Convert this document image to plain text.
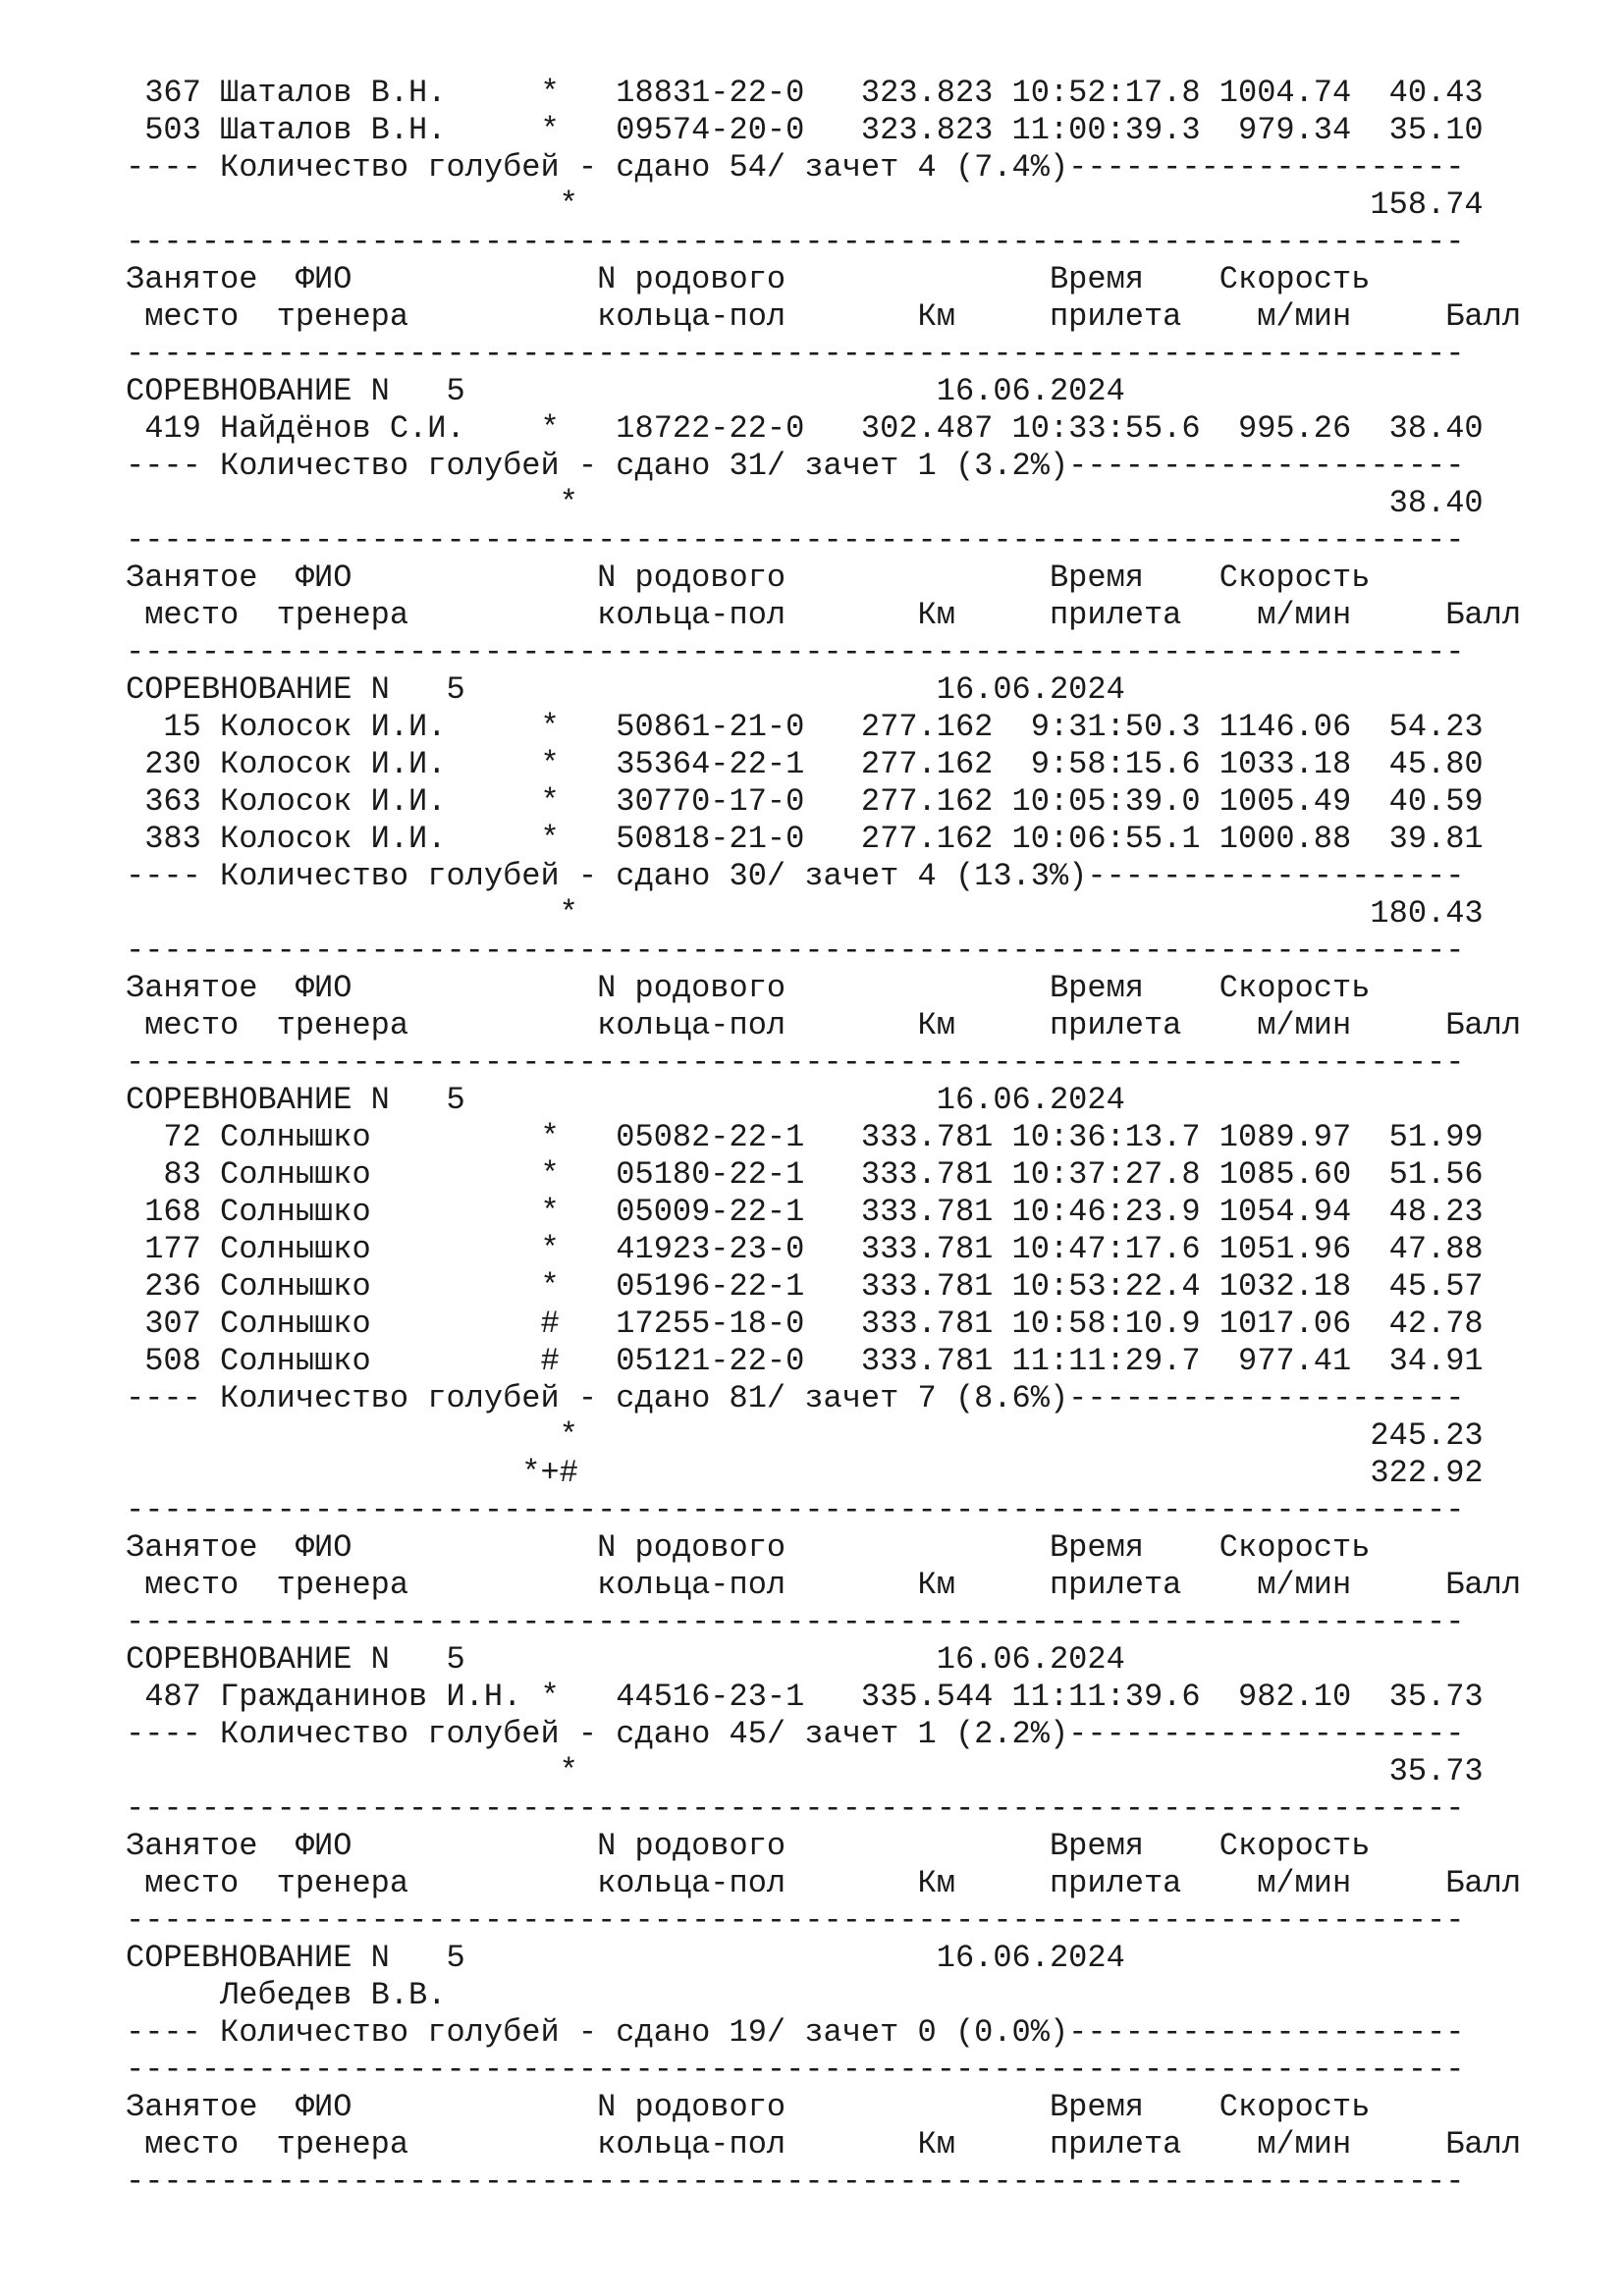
367 Шаталов В.Н.     *   18831-22-0   323.823 10:52:17.8 1004.74  40.43
503 Шаталов В.Н.     *   09574-20-0   323.823 11:00:39.3  979.34  35.10
---- Количество голубей - сдано 54/ зачет 4 (7.4%)---------------------
*                                          158.74
-----------------------------------------------------------------------
Занятое  ФИО             N родового              Время    Скорость
место  тренера          кольца-пол       Км     прилета    м/мин     Балл
-----------------------------------------------------------------------
СОРЕВНОВАНИЕ N   5                         16.06.2024
419 Найдёнов С.И.    *   18722-22-0   302.487 10:33:55.6  995.26  38.40
---- Количество голубей - сдано 31/ зачет 1 (3.2%)---------------------
*                                           38.40
-----------------------------------------------------------------------
Занятое  ФИО             N родового              Время    Скорость
место  тренера          кольца-пол       Км     прилета    м/мин     Балл
-----------------------------------------------------------------------
СОРЕВНОВАНИЕ N   5                         16.06.2024
15 Колосок И.И.     *   50861-21-0   277.162  9:31:50.3 1146.06  54.23
230 Колосок И.И.     *   35364-22-1   277.162  9:58:15.6 1033.18  45.80
363 Колосок И.И.     *   30770-17-0   277.162 10:05:39.0 1005.49  40.59
383 Колосок И.И.     *   50818-21-0   277.162 10:06:55.1 1000.88  39.81
---- Количество голубей - сдано 30/ зачет 4 (13.3%)--------------------
*                                          180.43
-----------------------------------------------------------------------
Занятое  ФИО             N родового              Время    Скорость
место  тренера          кольца-пол       Км     прилета    м/мин     Балл
-----------------------------------------------------------------------
СОРЕВНОВАНИЕ N   5                         16.06.2024
72 Солнышко         *   05082-22-1   333.781 10:36:13.7 1089.97  51.99
83 Солнышко         *   05180-22-1   333.781 10:37:27.8 1085.60  51.56
168 Солнышко         *   05009-22-1   333.781 10:46:23.9 1054.94  48.23
177 Солнышко         *   41923-23-0   333.781 10:47:17.6 1051.96  47.88
236 Солнышко         *   05196-22-1   333.781 10:53:22.4 1032.18  45.57
307 Солнышко         #   17255-18-0   333.781 10:58:10.9 1017.06  42.78
508 Солнышко         #   05121-22-0   333.781 11:11:29.7  977.41  34.91
---- Количество голубей - сдано 81/ зачет 7 (8.6%)---------------------
*                                          245.23
*+#                                          322.92
-----------------------------------------------------------------------
Занятое  ФИО             N родового              Время    Скорость
место  тренера          кольца-пол       Км     прилета    м/мин     Балл
-----------------------------------------------------------------------
СОРЕВНОВАНИЕ N   5                         16.06.2024
487 Гражданинов И.Н. *   44516-23-1   335.544 11:11:39.6  982.10  35.73
---- Количество голубей - сдано 45/ зачет 1 (2.2%)---------------------
*                                           35.73
-----------------------------------------------------------------------
Занятое  ФИО             N родового              Время    Скорость
место  тренера          кольца-пол       Км     прилета    м/мин     Балл
-----------------------------------------------------------------------
СОРЕВНОВАНИЕ N   5                         16.06.2024
Лебедев В.В.
---- Количество голубей - сдано 19/ зачет 0 (0.0%)---------------------
-----------------------------------------------------------------------
Занятое  ФИО             N родового              Время    Скорость
место  тренера          кольца-пол       Км     прилета    м/мин     Балл
-----------------------------------------------------------------------
